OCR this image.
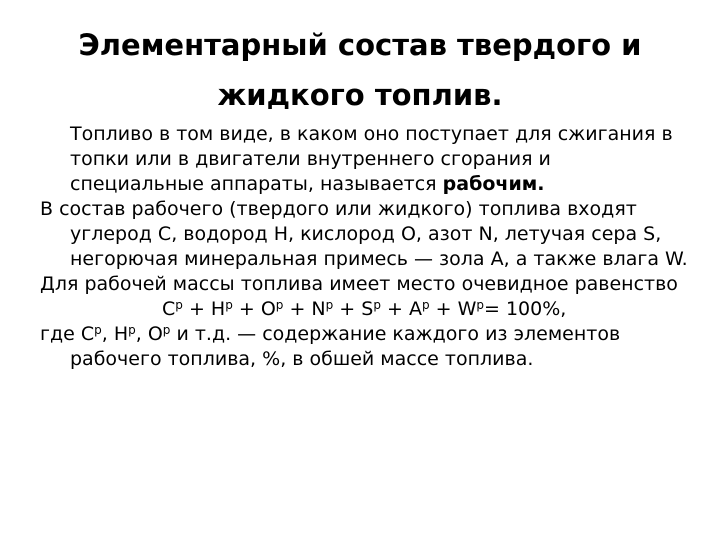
Элементарный состав твердого и
жидкого топлив.

Топливо в том виде, в каком оно поступает для сжигания в топки или в двигатели внутреннего сгорания и специальные аппараты, называется рабочим.

В состав рабочего (твердого или жидкого) топлива входят углерод C, водород H, кислород O, азот N, летучая сера S, негорючая минеральная примесь — зола A, а также влага W.

Для рабочей массы топлива имеет место очевидное равенство

$C^р + H^р + O^р + N^р + S^р + A^р + W^р= 100\%$,

где $C^р$, $H^р$, $O^р$ и т.д. — содержание каждого из элементов рабочего топлива, %, в обшей массе топлива.
